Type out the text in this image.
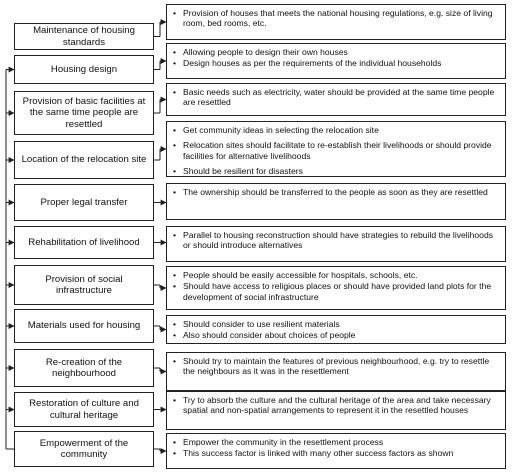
Maintenance of housing standards
• Provision of houses that meets the national housing regulations, e.g. size of living room, bed rooms, etc.
Housing design
• Allowing people to design their own houses
• Design houses as per the requirements of the individual households
Provision of basic facilities at the same time people are resettled
• Basic needs such as electricity, water should be provided at the same time people are resettled
Location of the relocation site
• Get community ideas in selecting the relocation site
• Relocation sites should facilitate to re-establish their livelihoods or should provide facilities for alternative livelihoods
• Should be resilient for disasters
Proper legal transfer
• The ownership should be transferred to the people as soon as they are resettled
Rehabilitation of livelihood
• Parallel to housing reconstruction should have strategies to rebuild the livelihoods or should introduce alternatives
Provision of social infrastructure
• People should be easily accessible for hospitals, schools, etc.
• Should have access to religious places or should have provided land plots for the development of social infrastructure
Materials used for housing
•	Should consider to use resilient materials
• Also should consider about choices of people
Re-creation of the neighbourhood
• Should try to maintain the features of previous neighbourhood, e.g. try to resettle the neighbours as it was in the resettlement
Restoration of culture and cultural heritage
• Try to absorb the culture and the cultural heritage of the area and take necessary spatial and non-spatial arrangements to represent it in the resettled houses
Empowerment of the community
• Empower the community in the resettlement process
• This success factor is linked with many other success factors as shown
